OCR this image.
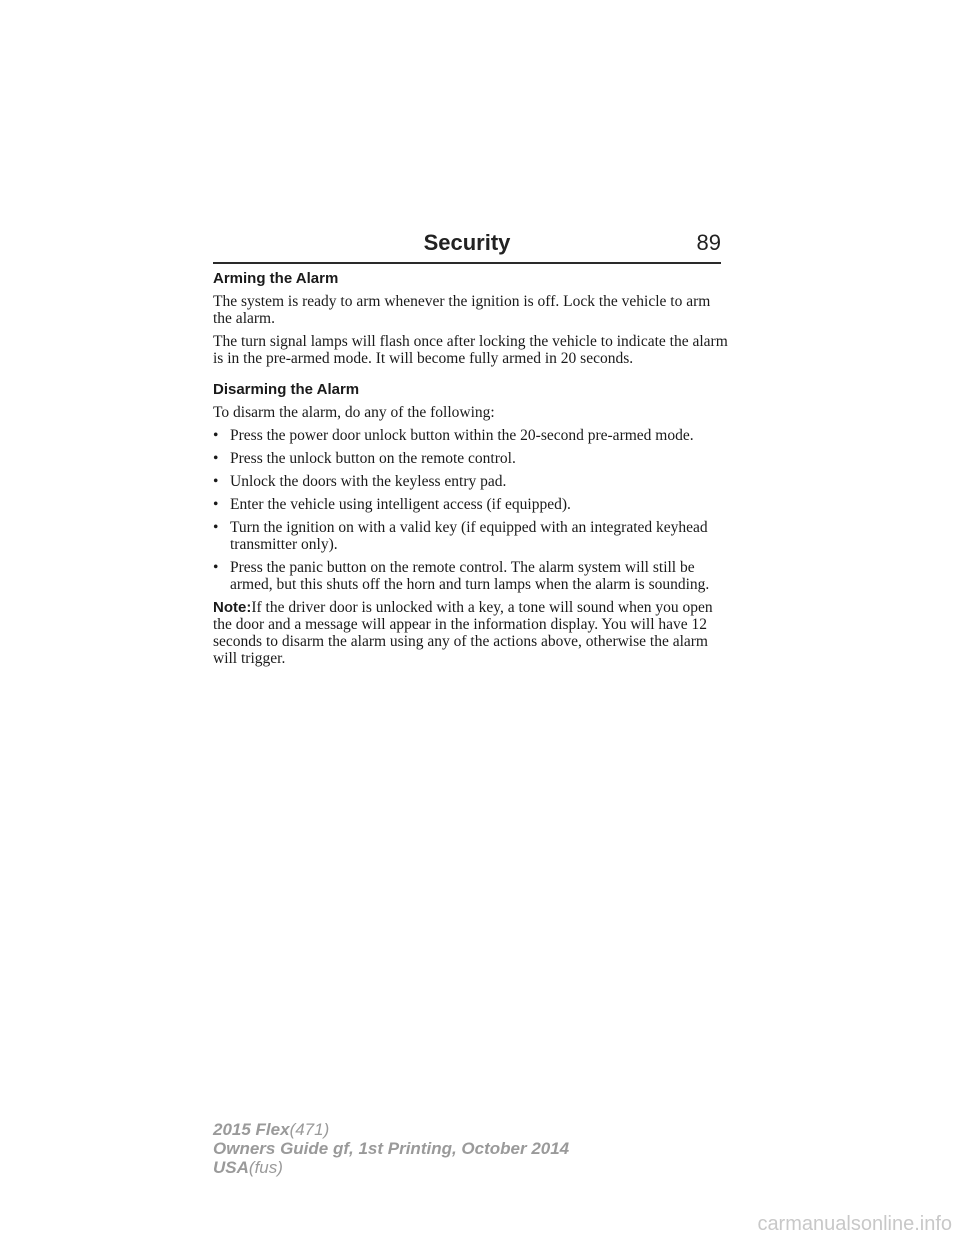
Security	89
Arming the Alarm

The system is ready to arm whenever the ignition is off. Lock the vehicle to arm the alarm.

The turn signal lamps will flash once after locking the vehicle to indicate the alarm is in the pre-armed mode. It will become fully armed in 20 seconds.

Disarming the Alarm

To disarm the alarm, do any of the following:

• Press the power door unlock button within the 20-second pre-armed mode.
• Press the unlock button on the remote control.
• Unlock the doors with the keyless entry pad.
• Enter the vehicle using intelligent access (if equipped).
• Turn the ignition on with a valid key (if equipped with an integrated keyhead transmitter only).
• Press the panic button on the remote control. The alarm system will still be armed, but this shuts off the horn and turn lamps when the alarm is sounding.

Note:If the driver door is unlocked with a key, a tone will sound when you open the door and a message will appear in the information display. You will have 12 seconds to disarm the alarm using any of the actions above, otherwise the alarm will trigger.

2015 Flex(471)
Owners Guide gf, 1st Printing, October 2014
USA(fus)
carmanualsonline.info
